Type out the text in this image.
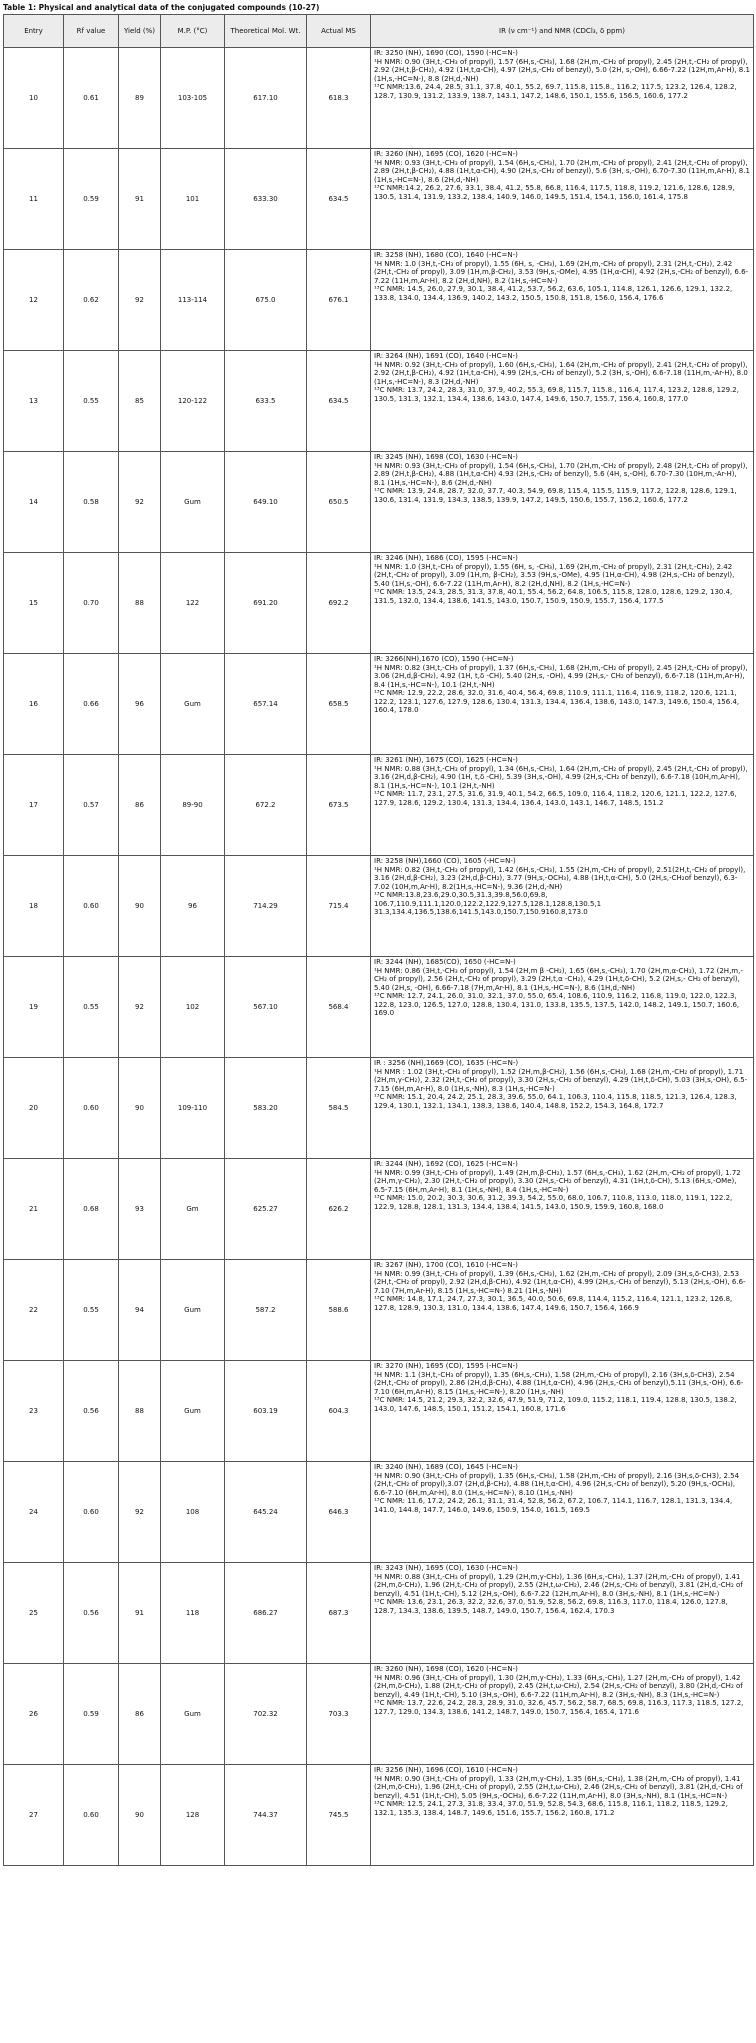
Table 1: Physical and analytical data of the conjugated compounds (10-27)
Entry	Rf value	Yield (%)	M.P. (°C)	Theoretical Mol. Wt.	Actual MS	IR (ν cm⁻¹) and NMR (CDCl₃, δ ppm)
10	0.61	89	103-105	617.10	618.3	IR: 3250 (NH), 1690 (CO), 1590 (-HC=N-)
¹H NMR: 0.90 (3H,t,-CH₃ of propyl), 1.57 (6H,s,-CH₃), 1.68 (2H,m,-CH₂ of propyl), 2.45 (2H,t,-CH₂ of propyl), 2.92 (2H,t,β-CH₂), 4.92 (1H,t,α-CH), 4.97 (2H,s,-CH₂ of benzyl), 5.0 (2H, s,-OH), 6.66-7.22 (12H,m,Ar-H), 8.1 (1H,s,-HC=N-), 8.8 (2H,d,-NH)
¹³C NMR:13.6, 24.4, 28.5, 31.1, 37.8, 40.1, 55.2, 69.7, 115.8, 115.8., 116.2, 117.5, 123.2, 126.4, 128.2, 128.7, 130.9, 131.2, 133.9, 138.7, 143.1, 147.2, 148.6, 150.1, 155.6, 156.5, 160.6, 177.2

11	0.59	91	101	633.30	634.5	IR: 3260 (NH), 1695 (CO), 1620 (-HC=N-)
¹H NMR: 0.93 (3H,t,-CH₃ of propyl), 1.54 (6H,s,-CH₃), 1.70 (2H,m,-CH₂ of propyl), 2.41 (2H,t,-CH₂ of propyl), 2.89 (2H,t,β-CH₂), 4.88 (1H,t,α-CH), 4.90 (2H,s,-CH₂ of benzyl), 5.6 (3H, s,-OH), 6.70-7.30 (11H,m,Ar-H), 8.1 (1H,s,-HC=N-), 8.6 (2H,d,-NH)
¹³C NMR:14.2, 26.2, 27.6, 33.1, 38.4, 41.2, 55.8, 66.8, 116.4, 117.5, 118.8, 119.2, 121.6, 128.6, 128.9, 130.5, 131.4, 131.9, 133.2, 138.4, 140.9, 146.0, 149.5, 151.4, 154.1, 156.0, 161.4, 175.8

12	0.62	92	113-114	675.0	676.1	IR: 3258 (NH), 1680 (CO), 1640 (-HC=N-)
¹H NMR: 1.0 (3H,t,-CH₃ of propyl), 1.55 (6H, s, -CH₃), 1.69 (2H,m,-CH₂ of propyl), 2.31 (2H,t,-CH₂), 2.42 (2H,t,-CH₂ of propyl), 3.09 (1H,m,β-CH₂), 3.53 (9H,s,-OMe), 4.95 (1H,α-CH), 4.92 (2H,s,-CH₂ of benzyl), 6.6-7.22 (11H,m,Ar-H), 8.2 (2H,d,NH), 8.2 (1H,s,-HC=N-)
¹³C NMR: 14.5, 26.0, 27.9, 30.1, 38.4, 41.2, 53.7, 56.2, 63.6, 105.1, 114.8, 126.1, 126.6, 129.1, 132.2, 133.8, 134.0, 134.4, 136.9, 140.2, 143.2, 150.5, 150.8, 151.8, 156.0, 156.4, 176.6

13	0.55	85	120-122	633.5	634.5	IR: 3264 (NH), 1691 (CO), 1640 (-HC=N-)
¹H NMR: 0.92 (3H,t,-CH₃ of propyl), 1.60 (6H,s,-CH₃), 1.64 (2H,m,-CH₂ of propyl), 2.41 (2H,t,-CH₂ of propyl), 2.92 (2H,t,β-CH₂), 4.92 (1H,t,α-CH), 4.99 (2H,s,-CH₂ of benzyl), 5.2 (3H, s,-OH), 6.6-7.18 (11H,m,-Ar-H), 8.0 (1H,s,-HC=N-), 8.3 (2H,d,-NH)
¹³C NMR: 13.7, 24.2, 28.3, 31.0, 37.9, 40.2, 55.3, 69.8, 115.7, 115.8., 116.4, 117.4, 123.2, 128.8, 129.2, 130.5, 131.3, 132.1, 134.4, 138.6, 143.0, 147.4, 149.6, 150.7, 155.7, 156.4, 160.8, 177.0

14	0.58	92	Gum	649.10	650.5	IR: 3245 (NH), 1698 (CO), 1630 (-HC=N-)
¹H NMR: 0.93 (3H,t,-CH₃ of propyl), 1.54 (6H,s,-CH₃), 1.70 (2H,m,-CH₂ of propyl), 2.48 (2H,t,-CH₂ of propyl), 2.89 (2H,t,β-CH₂), 4.88 (1H,t,α-CH) 4.93 (2H,s,-CH₂ of benzyl), 5.6 (4H, s,-OH), 6.70-7.30 (10H,m,-Ar-H), 8.1 (1H,s,-HC=N-), 8.6 (2H,d,-NH)
¹³C NMR: 13.9, 24.8, 28.7, 32.0, 37.7, 40.3, 54.9, 69.8, 115.4, 115.5, 115.9, 117.2, 122.8, 128.6, 129.1, 130.6, 131.4, 131.9, 134.3, 138.5, 139.9, 147.2, 149.5, 150.6, 155.7, 156.2, 160.6, 177.2

15	0.70	88	122	691.20	692.2	IR: 3246 (NH), 1686 (CO), 1595 (-HC=N-)
¹H NMR: 1.0 (3H,t,-CH₃ of propyl), 1.55 (6H, s, -CH₃), 1.69 (2H,m,-CH₂ of propyl), 2.31 (2H,t,-CH₂), 2.42 (2H,t,-CH₂ of propyl), 3.09 (1H,m, β-CH₂), 3.53 (9H,s,-OMe), 4.95 (1H,α-CH), 4.98 (2H,s,-CH₂ of benzyl), 5.40 (1H,s,-OH), 6.6-7.22 (11H,m,Ar-H), 8.2 (2H,d,NH), 8.2 (1H,s,-HC=N-)
¹³C NMR: 13.5, 24.3, 28.5, 31.3, 37.8, 40.1, 55.4, 56.2, 64.8, 106.5, 115.8, 128.0, 128.6, 129.2, 130.4, 131.5, 132.0, 134.4, 138.6, 141.5, 143.0, 150.7, 150.9, 150.9, 155.7, 156.4, 177.5

16	0.66	96	Gum	657.14	658.5	IR: 3266(NH),1670 (CO), 1590 (-HC=N-)
¹H NMR: 0.82 (3H,t,-CH₃ of propyl), 1.37 (6H,s,-CH₃), 1.68 (2H,m,-CH₂ of propyl), 2.45 (2H,t,-CH₂ of propyl), 3.06 (2H,d,β-CH₂), 4.92 (1H, t,δ -CH), 5.40 (2H,s, -OH), 4.99 (2H,s,- CH₂ of benzyl), 6.6-7.18 (11H,m,Ar-H), 8.4 (1H,s,-HC=N-), 10.1 (2H,t,-NH)
¹³C NMR: 12.9, 22.2, 28.6, 32.0, 31.6, 40.4, 56.4, 69.8, 110.9, 111.1, 116.4, 116.9, 118.2, 120.6, 121.1, 122.2, 123.1, 127.6, 127.9, 128.6, 130.4, 131.3, 134.4, 136.4, 138.6, 143.0, 147.3, 149.6, 150.4, 156.4, 160.4, 178.0

17	0.57	86	89-90	672.2	673.5	IR: 3261 (NH), 1675 (CO), 1625 (-HC=N-)
¹H NMR: 0.88 (3H,t,-CH₃ of propyl), 1.34 (6H,s,-CH₃), 1.64 (2H,m,-CH₂ of propyl), 2.45 (2H,t,-CH₂ of propyl), 3.16 (2H,d,β-CH₂), 4.90 (1H, t,δ -CH), 5.39 (3H,s,-OH), 4.99 (2H,s,-CH₂ of benzyl), 6.6-7.18 (10H,m,Ar-H), 8.1 (1H,s,-HC=N-), 10.1 (2H,t,-NH)
¹³C NMR: 11.7, 23.1, 27.5, 31.6, 31.9, 40.1, 54.2, 66.5, 109.0, 116.4, 118.2, 120.6, 121.1, 122.2, 127.6, 127.9, 128.6, 129.2, 130.4, 131.3, 134.4, 136.4, 143.0, 143.1, 146.7, 148.5, 151.2

18	0.60	90	96	714.29	715.4	IR: 3258 (NH),1660 (CO), 1605 (-HC=N-)
¹H NMR: 0.82 (3H,t,-CH₃ of propyl), 1.42 (6H,s,-CH₃), 1.55 (2H,m,-CH₂ of propyl), 2.51(2H,t,-CH₂ of propyl), 3.16 (2H,d,β-CH₂), 3.23 (2H,d,β-CH₂), 3.77 (9H,s,-OCH₃), 4.88 (1H,t,α-CH), 5.0 (2H,s,-CH₂of benzyl), 6.3-7.02 (10H,m,Ar-H), 8.2(1H,s,-HC=N-), 9.36 (2H,d,-NH)
¹³C NMR:13.8,23.6,29.0,30.5,31.3,39.8,56.0,69.8, 106.7,110.9,111.1,120.0,122.2,122.9,127.5,128.1,128.8,130.5,1 31.3,134.4,136.5,138.6,141.5,143.0,150.7,150.9160.8,173.0

19	0.55	92	102	567.10	568.4	IR: 3244 (NH), 1685(CO), 1650 (-HC=N-)
¹H NMR: 0.86 (3H,t,-CH₃ of propyl), 1.54 (2H,m β -CH₂), 1.65 (6H,s,-CH₃), 1.70 (2H,m,α-CH₂), 1.72 (2H,m,-CH₂ of propyl), 2.56 (2H,t,-CH₂ of propyl), 3.29 (2H,t,α -CH₂), 4.29 (1H,t,δ-CH), 5.2 (2H,s,- CH₂ of benzyl), 5.40 (2H,s, -OH), 6.66-7.18 (7H,m,Ar-H), 8.1 (1H,s,-HC=N-), 8.6 (1H,d,-NH)
¹³C NMR: 12.7, 24.1, 26.0, 31.0, 32.1, 37.0, 55.0, 65.4, 108.6, 110.9, 116.2, 116.8, 119.0, 122.0, 122.3, 122.8, 123.0, 126.5, 127.0, 128.8, 130.4, 131.0, 133.8, 135.5, 137.5, 142.0, 148.2, 149.1, 150.7, 160.6, 169.0

20	0.60	90	109-110	583.20	584.5	IR : 3256 (NH),1669 (CO), 1635 (-HC=N-)
¹H NMR : 1.02 (3H,t,-CH₃ of propyl), 1.52 (2H,m,β-CH₂), 1.56 (6H,s,-CH₃), 1.68 (2H,m,-CH₂ of propyl), 1.71 (2H,m,γ-CH₂), 2.32 (2H,t,-CH₂ of propyl), 3.30 (2H,s,-CH₂ of benzyl), 4.29 (1H,t,δ-CH), 5.03 (3H,s,-OH), 6.5-7.15 (6H,m,Ar-H), 8.0 (1H,s,-NH), 8.3 (1H,s,-HC=N-)
¹³C NMR: 15.1, 20.4, 24.2, 25.1, 28.3, 39.6, 55.0, 64.1, 106.3, 110.4, 115.8, 118.5, 121.3, 126.4, 128.3, 129.4, 130.1, 132.1, 134.1, 138.3, 138.6, 140.4, 148.8, 152.2, 154.3, 164.8, 172.7

21	0.68	93	Gm	625.27	626.2	IR: 3244 (NH), 1692 (CO), 1625 (-HC=N-)
¹H NMR: 0.99 (3H,t,-CH₃ of propyl), 1.49 (2H,m,β-CH₂), 1.57 (6H,s,-CH₃), 1.62 (2H,m,-CH₂ of propyl), 1.72 (2H,m,γ-CH₂), 2.30 (2H,t,-CH₂ of propyl), 3.30 (2H,s,-CH₂ of benzyl), 4.31 (1H,t,δ-CH), 5.13 (6H,s,-OMe), 6.5-7.15 (6H,m,Ar-H), 8.1 (1H,s,-NH), 8.4 (1H,s,-HC=N-)
¹³C NMR: 15.0, 20.2, 30.3, 30.6, 31.2, 39.3, 54.2, 55.0, 68.0, 106.7, 110.8, 113.0, 118.0, 119.1, 122.2, 122.9, 128.8, 128.1, 131.3, 134.4, 138.4, 141.5, 143.0, 150.9, 159.9, 160.8, 168.0

22	0.55	94	Gum	587.2	588.6	IR: 3267 (NH), 1700 (CO), 1610 (-HC=N-)
¹H NMR: 0.99 (3H,t,-CH₃ of propyl), 1.39 (6H,s,-CH₃), 1.62 (2H,m,-CH₂ of propyl), 2.09 (3H,s,δ-CH3), 2.53 (2H,t,-CH₂ of propyl), 2.92 (2H,d,β-CH₂), 4.92 (1H,t,α-CH), 4.99 (2H,s,-CH₂ of benzyl), 5.13 (2H,s,-OH), 6.6-7.10 (7H,m,Ar-H), 8.15 (1H,s,-HC=N-) 8.21 (1H,s,-NH)
¹³C NMR: 14.8, 17.1, 24.7, 27.3, 30.1, 36.5, 40.0, 50.6, 69.8, 114.4, 115.2, 116.4, 121.1, 123.2, 126.8, 127.8, 128.9, 130.3, 131.0, 134.4, 138.6, 147.4, 149.6, 150.7, 156.4, 166.9

23	0.56	88	Gum	603.19	604.3	IR: 3270 (NH), 1695 (CO), 1595 (-HC=N-)
¹H NMR: 1.1 (3H,t,-CH₃ of propyl), 1.35 (6H,s,-CH₃), 1.58 (2H,m,-CH₂ of propyl), 2.16 (3H,s,δ-CH3), 2.54 (2H,t,-CH₂ of propyl), 2.86 (2H,d,β-CH₂), 4.88 (1H,t,α-CH), 4.96 (2H,s,-CH₂ of benzyl),5.11 (3H,s,-OH), 6.6-7.10 (6H,m,Ar-H), 8.15 (1H,s,-HC=N-), 8.20 (1H,s,-NH)
¹³C NMR: 14.5, 21.2, 29.3, 32.2, 32.6, 47.9, 51.9, 71.2, 109.0, 115.2, 118.1, 119.4, 128.8, 130.5, 138.2, 143.0, 147.6, 148.5, 150.1, 151.2, 154.1, 160.8, 171.6

24	0.60	92	108	645.24	646.3	IR: 3240 (NH), 1689 (CO), 1645 (-HC=N-)
¹H NMR: 0.90 (3H,t,-CH₃ of propyl), 1.35 (6H,s,-CH₃), 1.58 (2H,m,-CH₂ of propyl), 2.16 (3H,s,δ-CH3), 2.54 (2H,t,-CH₂ of propyl),3.07 (2H,d,β-CH₂), 4.88 (1H,t,α-CH), 4.96 (2H,s,-CH₂ of benzyl), 5.20 (9H,s,-OCH₃), 6.6-7.10 (6H,m,Ar-H), 8.0 (1H,s,-HC=N-), 8.10 (1H,s,-NH)
¹³C NMR: 11.6, 17.2, 24.2, 26.1, 31.1, 31.4, 52.8, 56.2, 67.2, 106.7, 114.1, 116.7, 128.1, 131.3, 134.4, 141.0, 144.8, 147.7, 146.0, 149.6, 150.9, 154.0, 161.5, 169.5

25	0.56	91	118	686.27	687.3	IR: 3243 (NH), 1695 (CO), 1630 (-HC=N-)
¹H NMR: 0.88 (3H,t,-CH₃ of propyl), 1.29 (2H,m,γ-CH₂), 1.36 (6H,s,-CH₃), 1.37 (2H,m,-CH₂ of propyl), 1.41 (2H,m,δ-CH₂), 1.96 (2H,t,-CH₂ of propyl), 2.55 (2H,t,ω-CH₂), 2.46 (2H,s,-CH₂ of benzyl), 3.81 (2H,d,-CH₂ of benzyl), 4.51 (1H,t,-CH), 5.12 (2H,s,-OH), 6.6-7.22 (12H,m,Ar-H), 8.0 (3H,s,-NH), 8.1 (1H,s,-HC=N-)
¹³C NMR: 13.6, 23.1, 26.3, 32.2, 32.6, 37.0, 51.9, 52.8, 56.2, 69.8, 116.3, 117.0, 118.4, 126.0, 127.8, 128.7, 134.3, 138.6, 139.5, 148.7, 149.0, 150.7, 156.4, 162.4, 170.3

26	0.59	86	Gum	702.32	703.3	IR: 3260 (NH), 1698 (CO), 1620 (-HC=N-)
¹H NMR: 0.96 (3H,t,-CH₃ of propyl), 1.30 (2H,m,γ-CH₂), 1.33 (6H,s,-CH₃), 1.27 (2H,m,-CH₂ of propyl), 1.42 (2H,m,δ-CH₂), 1.88 (2H,t,-CH₂ of propyl), 2.45 (2H,t,ω-CH₂), 2.54 (2H,s,-CH₂ of benzyl), 3.80 (2H,d,-CH₂ of benzyl), 4.49 (1H,t,-CH), 5.10 (3H,s,-OH), 6.6-7.22 (11H,m,Ar-H), 8.2 (3H,s,-NH), 8.3 (1H,s,-HC=N-)
¹³C NMR: 13.7, 22.6, 24.2, 28.3, 28.9, 31.0, 32.6, 45.7, 56.2, 58.7, 68.5, 69.8, 116.3, 117.3, 118.5, 127.2, 127.7, 129.0, 134.3, 138.6, 141.2, 148.7, 149.0, 150.7, 156.4, 165.4, 171.6

27	0.60	90	128	744.37	745.5	IR: 3256 (NH), 1696 (CO), 1610 (-HC=N-)
¹H NMR: 0.90 (3H,t,-CH₃ of propyl), 1.33 (2H,m,γ-CH₂), 1.35 (6H,s,-CH₃), 1.38 (2H,m,-CH₂ of propyl), 1.41 (2H,m,δ-CH₂), 1.96 (2H,t,-CH₂ of propyl), 2.55 (2H,t,ω-CH₂), 2.46 (2H,s,-CH₂ of benzyl), 3.81 (2H,d,-CH₂ of benzyl), 4.51 (1H,t,-CH), 5.05 (9H,s,-OCH₃), 6.6-7.22 (11H,m,Ar-H), 8.0 (3H,s,-NH), 8.1 (1H,s,-HC=N-)
¹³C NMR: 12.5, 24.1, 27.3, 31.8, 33.4, 37.0, 51.9, 52.8, 54.3, 68.6, 115.8, 116.1, 118.2, 118.5, 129.2, 132.1, 135.3, 138.4, 148.7, 149.6, 151.6, 155.7, 156.2, 160.8, 171.2
